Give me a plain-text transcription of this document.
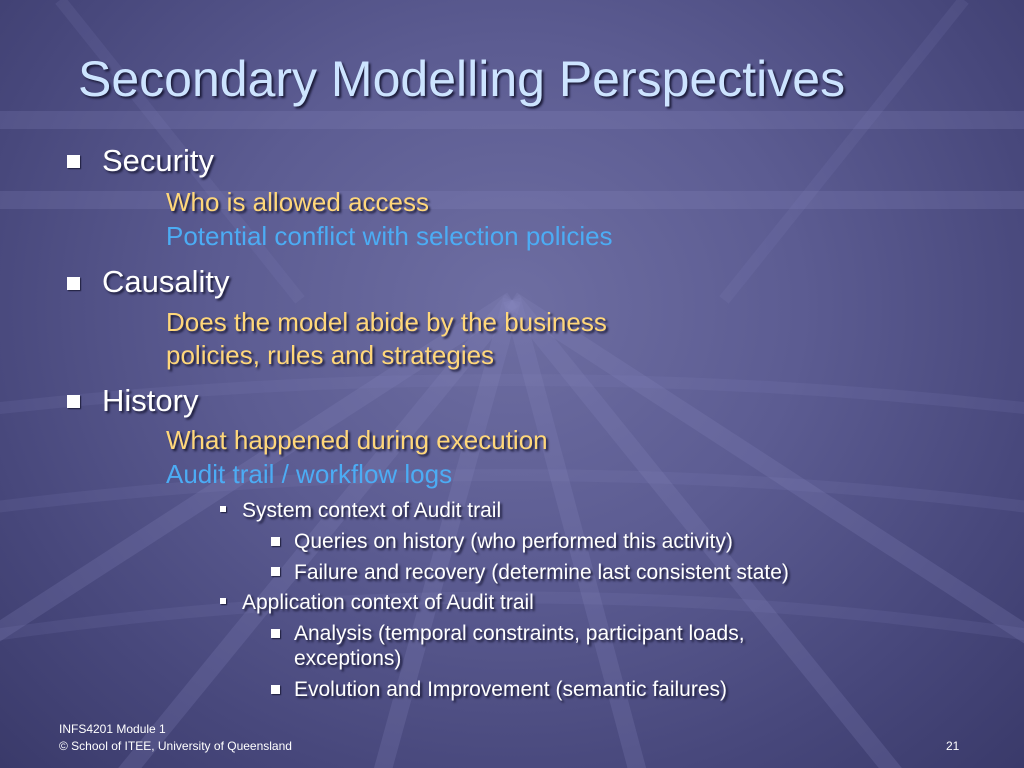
Secondary Modelling Perspectives
Security
Who is allowed access
Potential conflict with selection policies
Causality
Does the model abide by the business
policies, rules and strategies
History
What happened during execution
Audit trail / workflow logs
System context of Audit trail
Queries on history (who performed this activity)
Failure and recovery (determine last consistent state)
Application context of Audit trail
Analysis (temporal constraints, participant loads,
exceptions)
Evolution and Improvement (semantic failures)
INFS4201 Module 1
© School of ITEE, University of Queensland	21
